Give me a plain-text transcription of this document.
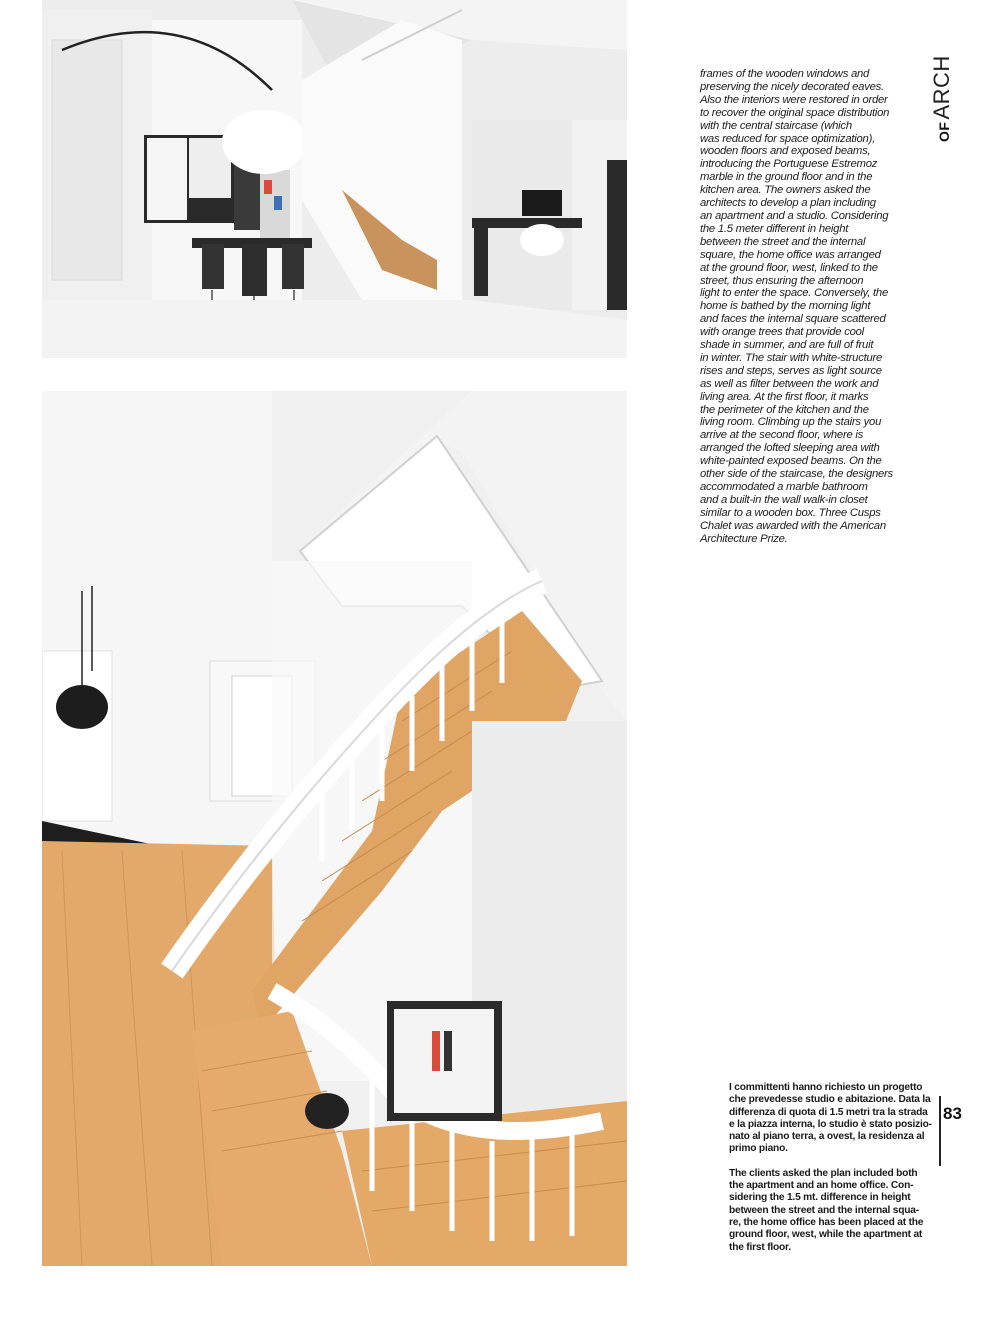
OFARCH
frames of the wooden windows and
preserving the nicely decorated eaves.
Also the interiors were restored in order
to recover the original space distribution
with the central staircase (which
was reduced for space optimization),
wooden floors and exposed beams,
introducing the Portuguese Estremoz
marble in the ground floor and in the
kitchen area. The owners asked the
architects to develop a plan including
an apartment and a studio. Considering
the 1.5 meter different in height
between the street and the internal
square, the home office was arranged
at the ground floor, west, linked to the
street, thus ensuring the afternoon
light to enter the space. Conversely, the
home is bathed by the morning light
and faces the internal square scattered
with orange trees that provide cool
shade in summer, and are full of fruit
in winter. The stair with white-structure
rises and steps, serves as light source
as well as filter between the work and
living area. At the first floor, it marks
the perimeter of the kitchen and the
living room. Climbing up the stairs you
arrive at the second floor, where is
arranged the lofted sleeping area with
white-painted exposed beams. On the
other side of the staircase, the designers
accommodated a marble bathroom
and a built-in the wall walk-in closet
similar to a wooden box. Three Cusps
Chalet was awarded with the American
Architecture Prize.
I committenti hanno richiesto un progetto
che prevedesse studio e abitazione. Data la
differenza di quota di 1.5 metri tra la strada
e la piazza interna, lo studio è stato posizio-
nato al piano terra, a ovest, la residenza al
primo piano.
The clients asked the plan included both
the apartment and an home office. Con-
sidering the 1.5 mt. difference in height
between the street and the internal squa-
re, the home office has been placed at the
ground floor, west, while the apartment at
the first floor.
83
